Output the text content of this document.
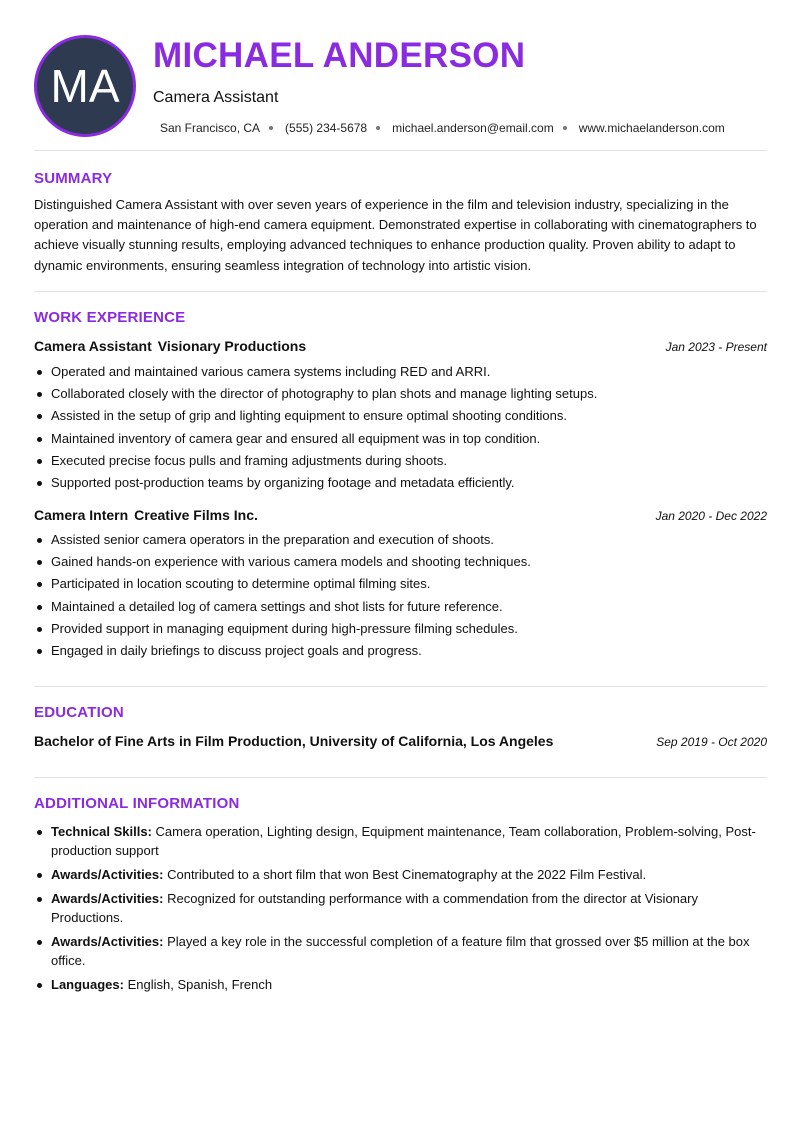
MA
MICHAEL ANDERSON
Camera Assistant
San Francisco, CA (555) 234-5678 michael.anderson@email.com www.michaelanderson.com
SUMMARY
Distinguished Camera Assistant with over seven years of experience in the film and television industry, specializing in the operation and maintenance of high-end camera equipment. Demonstrated expertise in collaborating with cinematographers to achieve visually stunning results, employing advanced techniques to enhance production quality. Proven ability to adapt to dynamic environments, ensuring seamless integration of technology into artistic vision.
WORK EXPERIENCE
Camera Assistant Visionary Productions	Jan 2023 - Present
Operated and maintained various camera systems including RED and ARRI.
Collaborated closely with the director of photography to plan shots and manage lighting setups.
Assisted in the setup of grip and lighting equipment to ensure optimal shooting conditions.
Maintained inventory of camera gear and ensured all equipment was in top condition.
Executed precise focus pulls and framing adjustments during shoots.
Supported post-production teams by organizing footage and metadata efficiently.
Camera Intern Creative Films Inc.	Jan 2020 - Dec 2022
Assisted senior camera operators in the preparation and execution of shoots.
Gained hands-on experience with various camera models and shooting techniques.
Participated in location scouting to determine optimal filming sites.
Maintained a detailed log of camera settings and shot lists for future reference.
Provided support in managing equipment during high-pressure filming schedules.
Engaged in daily briefings to discuss project goals and progress.
EDUCATION
Bachelor of Fine Arts in Film Production, University of California, Los Angeles	Sep 2019 - Oct 2020
ADDITIONAL INFORMATION
Technical Skills: Camera operation, Lighting design, Equipment maintenance, Team collaboration, Problem-solving, Post-production support
Awards/Activities: Contributed to a short film that won Best Cinematography at the 2022 Film Festival.
Awards/Activities: Recognized for outstanding performance with a commendation from the director at Visionary Productions.
Awards/Activities: Played a key role in the successful completion of a feature film that grossed over $5 million at the box office.
Languages: English, Spanish, French
